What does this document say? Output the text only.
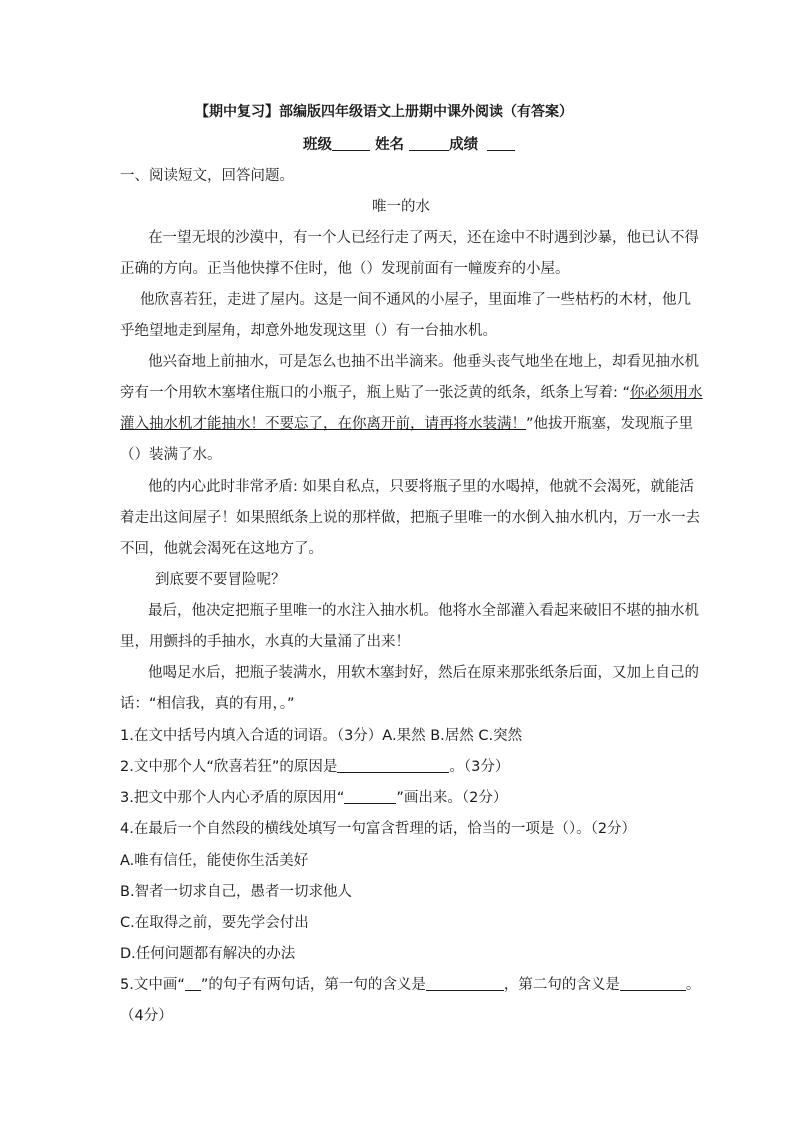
【期中复习】部编版四年级语文上册期中课外阅读（有答案）
班级	姓名	成绩
一、阅读短文，回答问题。
唯一的水
在一望无垠的沙漠中，有一个人已经行走了两天，还在途中不时遇到沙暴，他已认不得
正确的方向。正当他快撑不住时，他（）发现前面有一幢废弃的小屋。
他欣喜若狂，走进了屋内。这是一间不通风的小屋子，里面堆了一些枯朽的木材，他几
乎绝望地走到屋角，却意外地发现这里（）有一台抽水机。
他兴奋地上前抽水，可是怎么也抽不出半滴来。他垂头丧气地坐在地上，却看见抽水机
旁有一个用软木塞堵住瓶口的小瓶子，瓶上贴了一张泛黄的纸条，纸条上写着: “你必须用水
灌入抽水机才能抽水！不要忘了，在你离开前，请再将水装满！”他拔开瓶塞，发现瓶子里
（）装满了水。
他的内心此时非常矛盾: 如果自私点，只要将瓶子里的水喝掉，他就不会渴死，就能活
着走出这间屋子！如果照纸条上说的那样做，把瓶子里唯一的水倒入抽水机内，万一水一去
不回，他就会渴死在这地方了。
到底要不要冒险呢？
最后，他决定把瓶子里唯一的水注入抽水机。他将水全部灌入看起来破旧不堪的抽水机
里，用颤抖的手抽水，水真的大量涌了出来！
他喝足水后，把瓶子装满水，用软木塞封好，然后在原来那张纸条后面，又加上自己的
话：“相信我，真的有用，。”
1.在文中括号内填入合适的词语。（3分）A.果然 B.居然 C.突然
2.文中那个人“欣喜若狂”的原因是	。（3分）
3.把文中那个人内心矛盾的原因用“	”画出来。（2分）
4.在最后一个自然段的横线处填写一句富含哲理的话，恰当的一项是（）。（2分）
A.唯有信任，能使你生活美好
B.智者一切求自己，愚者一切求他人
C.在取得之前，要先学会付出
D.任何问题都有解决的办法
5.文中画“ ”的句子有两句话，第一句的含义是	，第二句的含义是	。
（4分）
